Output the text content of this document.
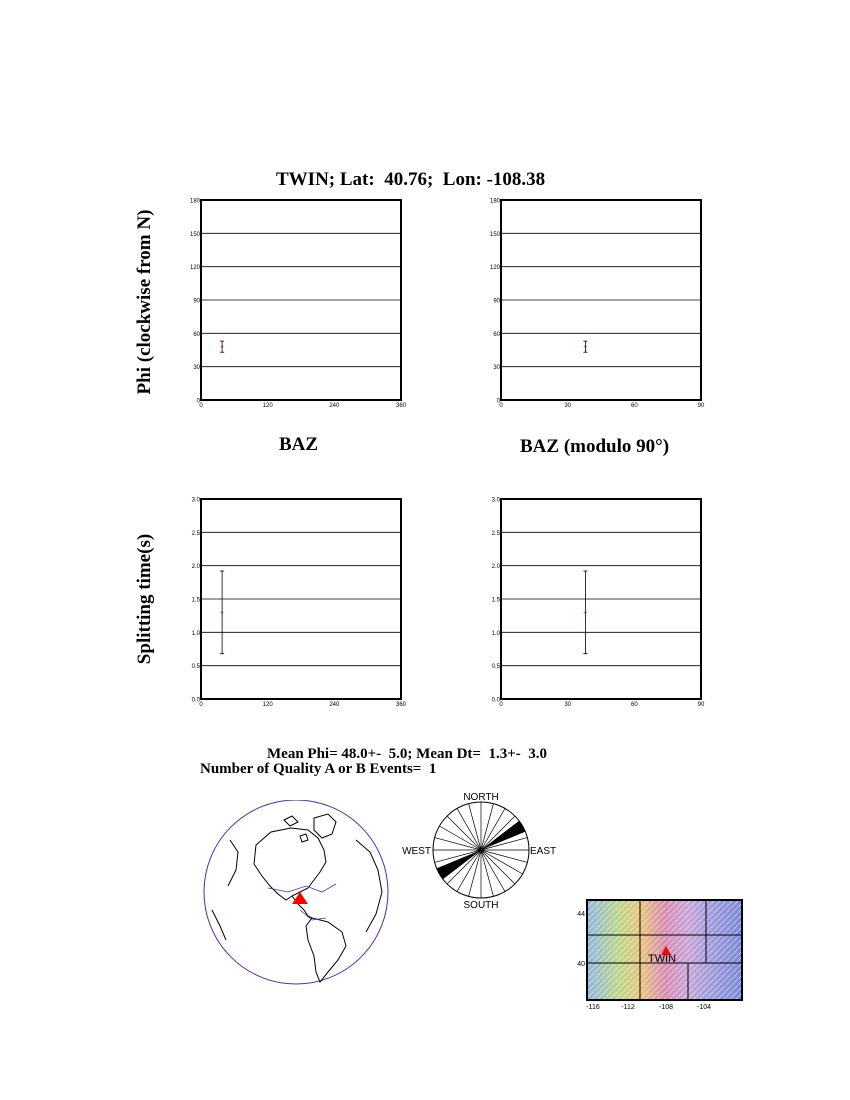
TWIN; Lat:  40.76;  Lon: -108.38
Phi (clockwise from N)
Splitting time(s)
BAZ	BAZ (modulo 90°)
0
30
60
90
120
150
180
0	120	240	360
0
30
60
90
120
150
180
0	30	60	90
0.0
0.5
1.0
1.5
2.0
2.5
3.0
0	120	240	360
0.0
0.5
1.0
1.5
2.0
2.5
3.0
0	30	60	90
Mean Phi= 48.0+-  5.0; Mean Dt=  1.3+-  3.0
Number of Quality A or B Events=  1
NORTH
SOUTH
EAST
WEST
TWIN
44
40
-116	-112	-108	-104
